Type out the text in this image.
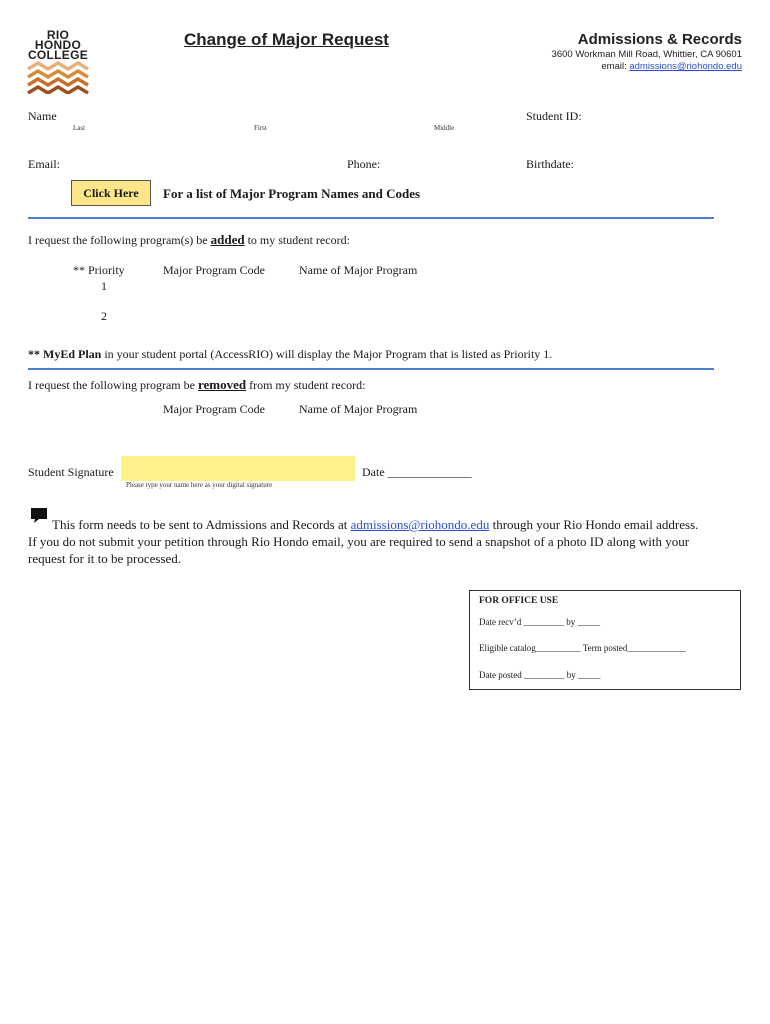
RIO
HONDO
COLLEGE
Change of Major Request	Admissions & Records
3600 Workman Mill Road, Whittier, CA 90601
email: admissions@riohondo.edu
Name
Last	First	Middle
Student ID:
Email:	Phone:	Birthdate:
Click Here	For a list of Major Program Names and Codes
I request the following program(s) be added to my student record:
** Priority	Major Program Code	Name of Major Program
1
2
** MyEd Plan in your student portal (AccessRIO) will display the Major Program that is listed as Priority 1.
I request the following program be removed from my student record:
Major Program Code	Name of Major Program
Student Signature
Please type your name here as your digital signature
Date ______________
This form needs to be sent to Admissions and Records at admissions@riohondo.edu through your Rio Hondo email address.
If you do not submit your petition through Rio Hondo email, you are required to send a snapshot of a photo ID along with your
request for it to be processed.
FOR OFFICE USE
Date recv’d _________ by _____
Eligible catalog__________ Term posted_____________
Date posted _________ by _____
